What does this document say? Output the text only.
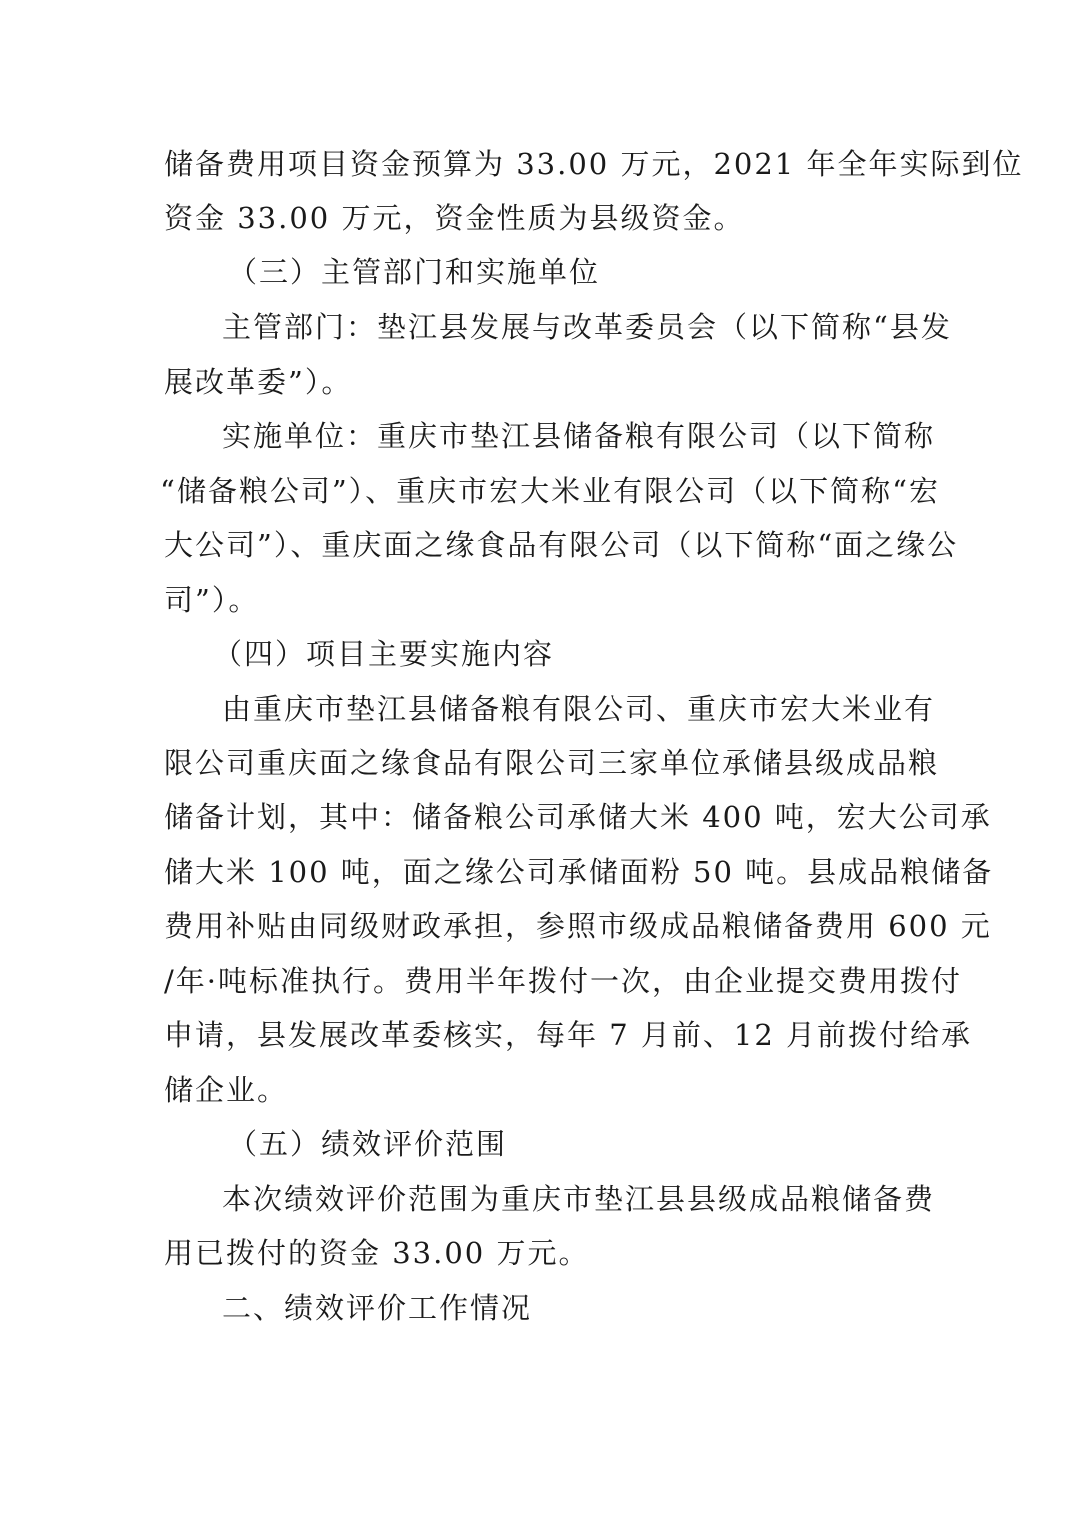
储备费用项目资金预算为 33.00 万元，2021 年全年实际到位
资金 33.00 万元，资金性质为县级资金。
（三）主管部门和实施单位
主管部门：垫江县发展与改革委员会（以下简称“县发
展改革委”）。
实施单位：重庆市垫江县储备粮有限公司（以下简称
“储备粮公司”）、重庆市宏大米业有限公司（以下简称“宏
大公司”）、重庆面之缘食品有限公司（以下简称“面之缘公
司”）。
（四）项目主要实施内容
由重庆市垫江县储备粮有限公司、重庆市宏大米业有
限公司重庆面之缘食品有限公司三家单位承储县级成品粮
储备计划，其中：储备粮公司承储大米 400 吨，宏大公司承
储大米 100 吨，面之缘公司承储面粉 50 吨。县成品粮储备
费用补贴由同级财政承担，参照市级成品粮储备费用 600 元
/年·吨标准执行。费用半年拨付一次，由企业提交费用拨付
申请，县发展改革委核实，每年 7 月前、12 月前拨付给承
储企业。
（五）绩效评价范围
本次绩效评价范围为重庆市垫江县县级成品粮储备费
用已拨付的资金 33.00 万元。
二、绩效评价工作情况
